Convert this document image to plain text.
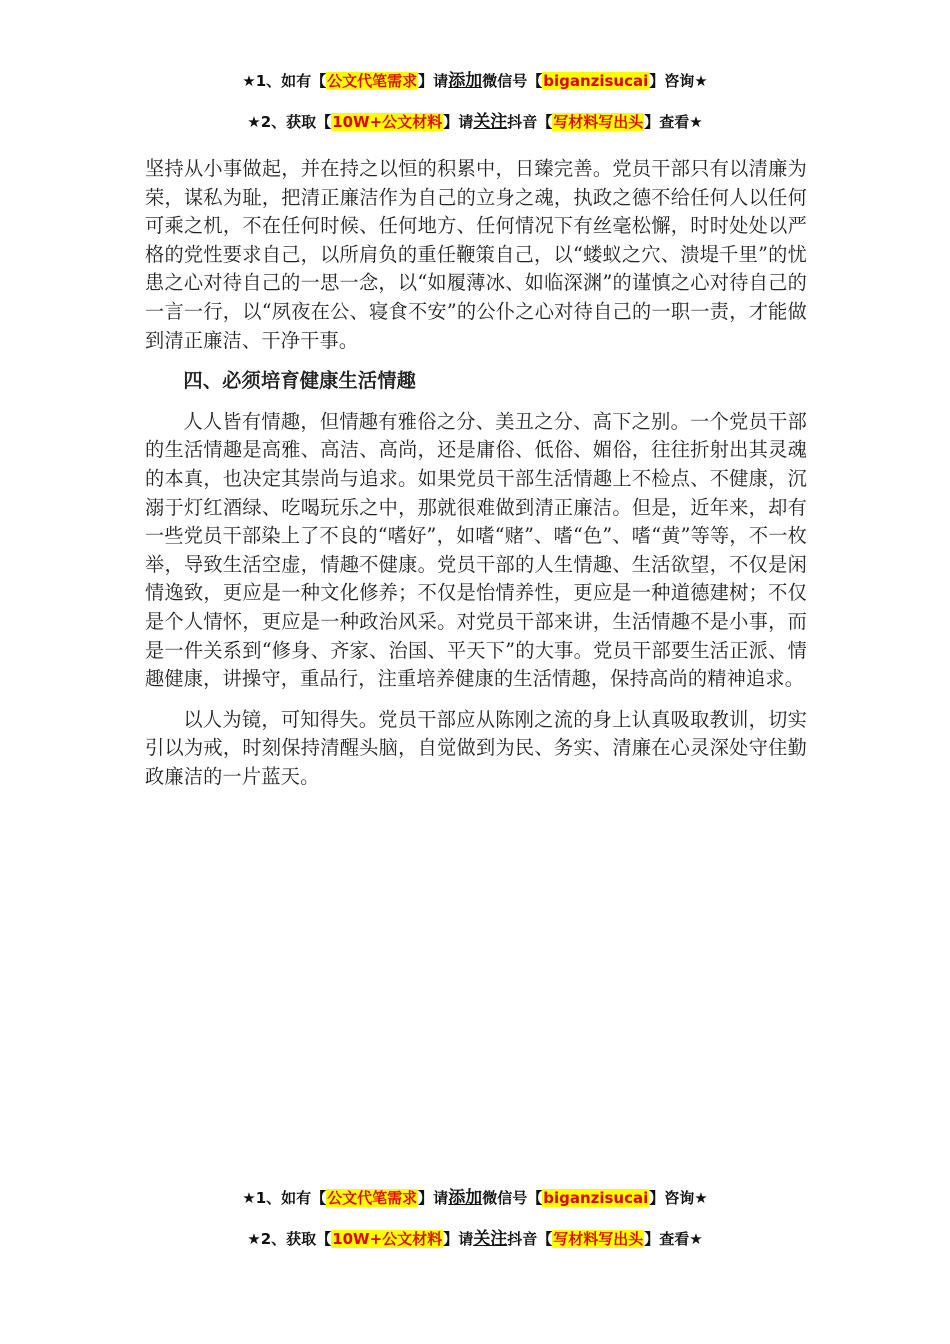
★1、如有【公文代笔需求】请添加微信号【biganzisucai】咨询★
★2、获取【10W+公文材料】请关注抖音【写材料写出头】查看★

坚持从小事做起，并在持之以恒的积累中，日臻完善。党员干部只有以清廉为荣，谋私为耻，把清正廉洁作为自己的立身之魂，执政之德不给任何人以任何可乘之机，不在任何时候、任何地方、任何情况下有丝毫松懈，时时处处以严格的党性要求自己，以所肩负的重任鞭策自己，以“蝼蚁之穴、溃堤千里”的忧患之心对待自己的一思一念，以“如履薄冰、如临深渊”的谨慎之心对待自己的一言一行，以“夙夜在公、寝食不安”的公仆之心对待自己的一职一责，才能做到清正廉洁、干净干事。

四、必须培育健康生活情趣

人人皆有情趣，但情趣有雅俗之分、美丑之分、高下之别。一个党员干部的生活情趣是高雅、高洁、高尚，还是庸俗、低俗、媚俗，往往折射出其灵魂的本真，也决定其崇尚与追求。如果党员干部生活情趣上不检点、不健康，沉溺于灯红酒绿、吃喝玩乐之中，那就很难做到清正廉洁。但是，近年来，却有一些党员干部染上了不良的“嗜好”，如嗜“赌”、嗜“色”、嗜“黄”等等，不一枚举，导致生活空虚，情趣不健康。党员干部的人生情趣、生活欲望，不仅是闲情逸致，更应是一种文化修养；不仅是怡情养性，更应是一种道德建树；不仅是个人情怀，更应是一种政治风采。对党员干部来讲，生活情趣不是小事，而是一件关系到“修身、齐家、治国、平天下”的大事。党员干部要生活正派、情趣健康，讲操守，重品行，注重培养健康的生活情趣，保持高尚的精神追求。

以人为镜，可知得失。党员干部应从陈刚之流的身上认真吸取教训，切实引以为戒，时刻保持清醒头脑，自觉做到为民、务实、清廉在心灵深处守住勤政廉洁的一片蓝天。

★1、如有【公文代笔需求】请添加微信号【biganzisucai】咨询★
★2、获取【10W+公文材料】请关注抖音【写材料写出头】查看★
